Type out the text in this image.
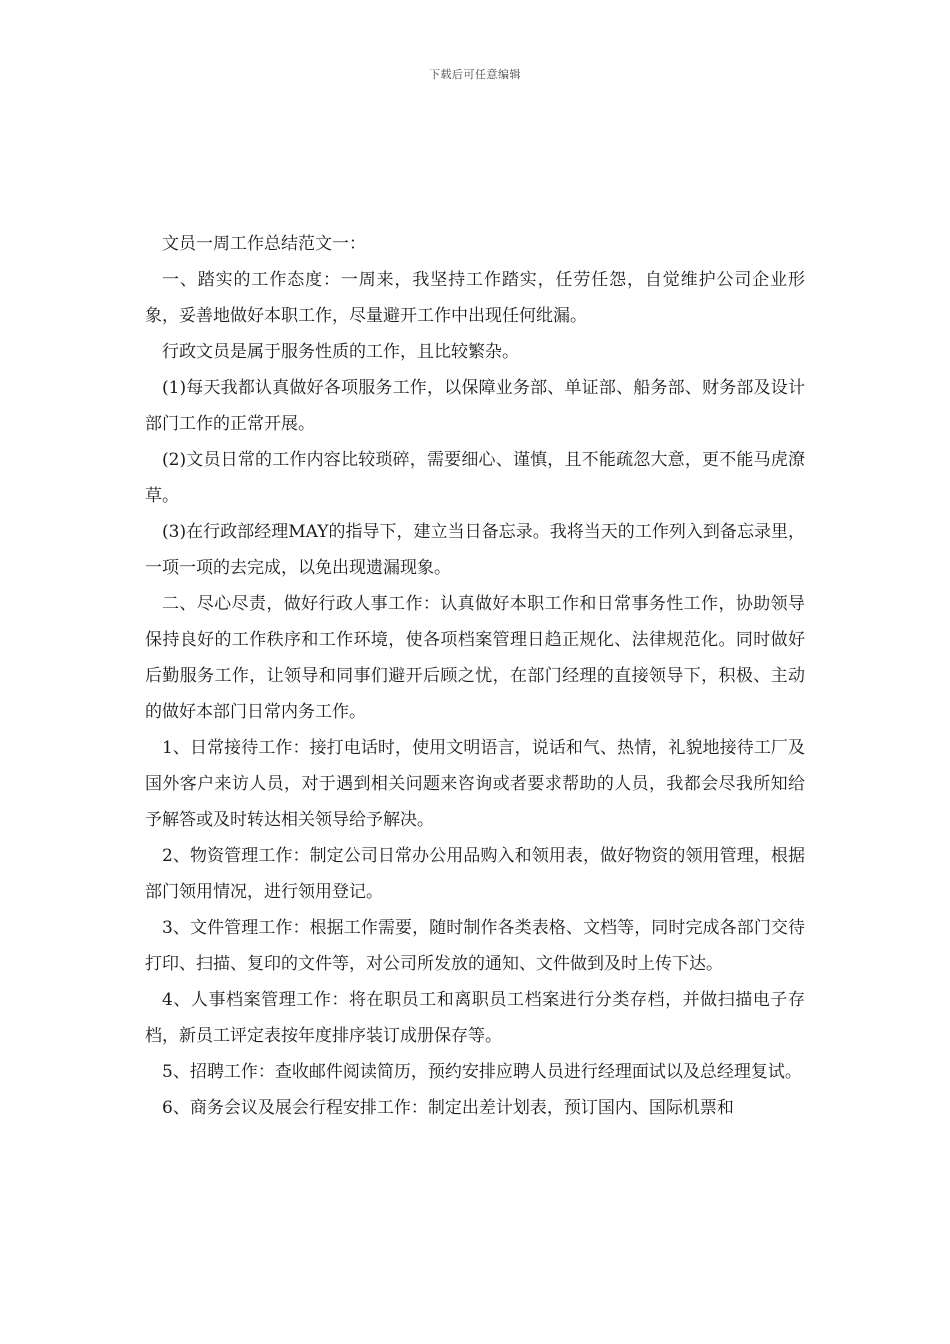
下载后可任意编辑

文员一周工作总结范文一：

一、踏实的工作态度：一周来，我坚持工作踏实，任劳任怨，自觉维护公司企业形象，妥善地做好本职工作，尽量避开工作中出现任何纰漏。

行政文员是属于服务性质的工作，且比较繁杂。

(1)每天我都认真做好各项服务工作，以保障业务部、单证部、船务部、财务部及设计部门工作的正常开展。

(2)文员日常的工作内容比较琐碎，需要细心、谨慎，且不能疏忽大意，更不能马虎潦草。

(3)在行政部经理MAY的指导下，建立当日备忘录。我将当天的工作列入到备忘录里，一项一项的去完成，以免出现遗漏现象。

二、尽心尽责，做好行政人事工作：认真做好本职工作和日常事务性工作，协助领导保持良好的工作秩序和工作环境，使各项档案管理日趋正规化、法律规范化。同时做好后勤服务工作，让领导和同事们避开后顾之忧，在部门经理的直接领导下，积极、主动的做好本部门日常内务工作。

1、日常接待工作：接打电话时，使用文明语言，说话和气、热情，礼貌地接待工厂及国外客户来访人员，对于遇到相关问题来咨询或者要求帮助的人员，我都会尽我所知给予解答或及时转达相关领导给予解决。

2、物资管理工作：制定公司日常办公用品购入和领用表，做好物资的领用管理，根据部门领用情况，进行领用登记。

3、文件管理工作：根据工作需要，随时制作各类表格、文档等，同时完成各部门交待打印、扫描、复印的文件等，对公司所发放的通知、文件做到及时上传下达。

4、人事档案管理工作：将在职员工和离职员工档案进行分类存档，并做扫描电子存档，新员工评定表按年度排序装订成册保存等。

5、招聘工作：查收邮件阅读简历，预约安排应聘人员进行经理面试以及总经理复试。

6、商务会议及展会行程安排工作：制定出差计划表，预订国内、国际机票和
